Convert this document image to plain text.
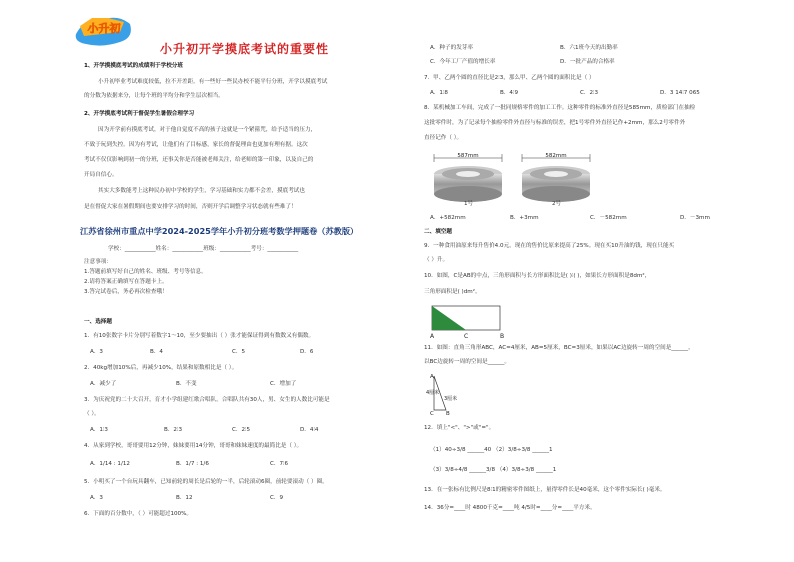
小升初
小升初开学摸底考试的重要性
1、开学摸摸底考试的成绩利于学校分班
小升初毕业考试难度较低，拉不开差距。有一些好一些民办校不能平行分班，开学以摸底考试
的分数为依据来分，让每个班的平均分和学生层次相当。
2、开学摸底考试利于督促学生暑假合理学习
因为开学前有摸底考试，对于他自觉度不高的孩子这就是一个紧箍咒，给予适当的压力，
不致于玩到失控。因为有考试，让他们有了目标感，家长的督促理由也更加有理有据。这次
考试不仅仅影响到初一的分班，还事关你是否能被老师关注，给老师的第一印象，以及自己的
开局自信心。
其实大多数能考上这种民办初中学校的学生，学习基础和实力都不会差，摸底考试也
是在督促大家在暑假期间也要安排学习的时间，否则开学后调整学习状态就有些难了！
江苏省徐州市重点中学2024-2025学年小升初分班考数学押题卷（苏教版）
学校：___________姓名：___________班级：___________考号：___________
注意事项：
1.答题前填写好自己的姓名、班级、考号等信息。
2.请将答案正确填写在答题卡上。
3.答完试卷后，务必再次检查哦！
一、选择题
1．有10张数字卡片分别写着数字1～10，至少要抽出（ ）张才能保证得到有数数又有偶数。
A．3	B．4	C．5	D．6
2．40kg增加10%后，再减少10%，结果和原数相比是（ ）。
A．减少了	B．不变	C．增加了
3．为庆祝党的二十大召开，育才小学组建红歌合唱队。合唱队共有30人，男、女生的人数比可能是
（ ）。
A．1∶3	B．2∶3	C．2∶5	D．4∶4
4．从家到学校，哥哥要用12分钟，妹妹要用14分钟，哥哥和妹妹速度的最简比是（ ）。
A．1/14 : 1/12	B．1/7 : 1/6	C．7∶6
5．小明买了一个台玩具翻车，已知前轮的周长是后轮的一半，后轮滚动6圈，前轮要滚动（ ）圈。
A．3	B．12	C．9
6．下面的百分数中，（ ）可能超过100%。
A．种子的发芽率	B．六1班今天的出勤率
C．今年工厂产值的增长率	D．一批产品的合格率
7．甲、乙两个圆的直径比是2∶3，那么甲、乙两个圆的面积比是（ ）
A．1∶8	B．4∶9	C．2∶3	D．3 14∶7 065
8．某机械加工车间，完成了一批同规格零件的加工工作。这种零件的标准外直径是585mm，质检部门在抽检
这批零件时，为了记录每个抽检零件外直径与标准的误差，把1号零件外直径记作+2mm，那么2号零件外
直径记作（ ）。
587mm	582mm
1号	2号
A．+582mm	B．+3mm	C．－582mm	D．－3mm
二、填空题
9．一种食用油原来每升售价4.0元，现在的售价比原来提高了25%。现在买10升油的钱，现在只能买
（ ）升。
10．如图，C是AB的中点，三角形面积与长方形面积比是( )∶( )，如果长方形面积是8dm²，
三角形面积是( )dm²。
A	C	B
11．如图：直角三角形ABC，AC=4厘米，AB=5厘米，BC=3厘米，如果以AC边旋转一周的空间是______，
以BC边旋转一周的空间是______。
A
B
C
4厘米
3厘米
12．填上"<"、">"或"="。
（1）40÷3/8 ______40 （2）3/8÷3/8 ______1
（3）3/8÷4/8 ______3/8 （4）3/8÷3/8 ______1
13．在一张标有比例尺是8∶1的精密零件图纸上，量得零件长是40毫米，这个零件实际长( )毫米。
14．36分=____时 4800千克=____吨 4/5时=____分=____平方米。
